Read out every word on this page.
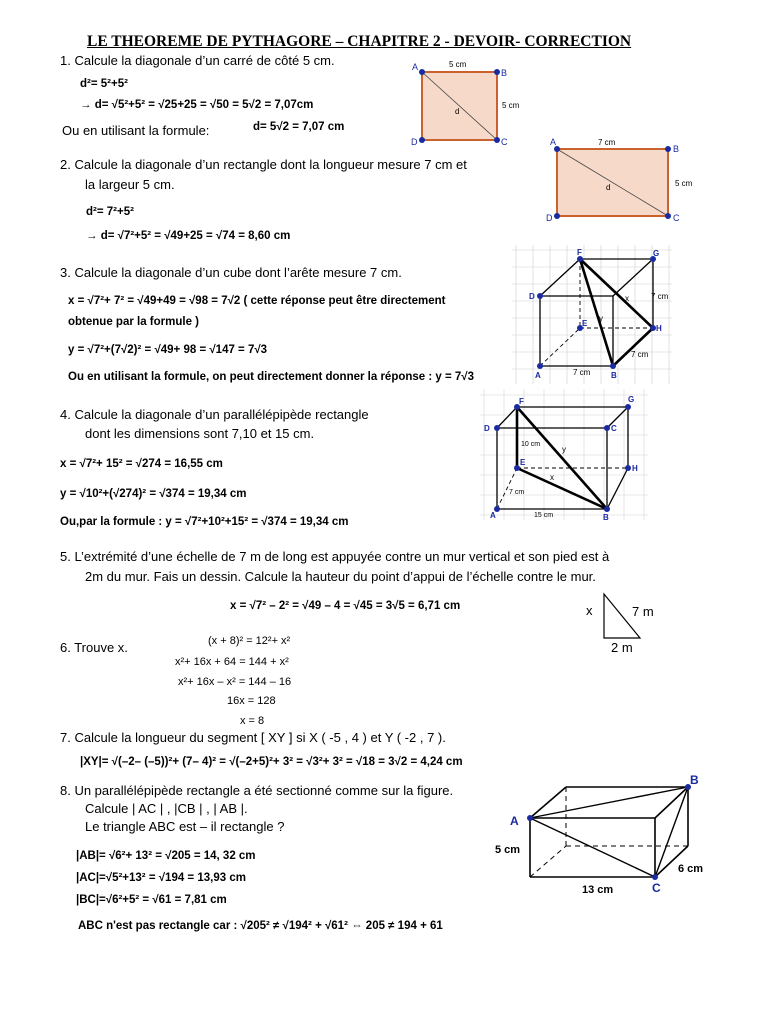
LE THEOREME DE PYTHAGORE – CHAPITRE 2 - DEVOIR- CORRECTION
1. Calcule la diagonale d’un carré de côté 5 cm.
d²= 5²+5²
→ d= √5²+5² = √25+25 = √50 = 5√2 = 7,07cm
Ou en utilisant la formule:	d= 5√2 = 7,07 cm
A
B
C
D
d
5 cm
5 cm
2. Calcule la diagonale d’un rectangle dont la longueur mesure 7 cm et
la largeur 5 cm.
d²= 7²+5²
→ d= √7²+5² = √49+25 = √74 = 8,60 cm
A
B
C
D
d
7 cm
5 cm
3. Calcule la diagonale d’un cube dont l’arête mesure 7 cm.
x = √7²+ 7² = √49+49 = √98 = 7√2 ( cette réponse peut être directement
obtenue par la formule )
y = √7²+(7√2)² = √49+ 98 = √147 = 7√3
Ou en utilisant la formule, on peut directement donner la réponse : y = 7√3
F	G
D
E
H
A	B
x
y
7 cm
7 cm
7 cm
4. Calcule la diagonale d’un parallélépipède rectangle
dont les dimensions sont 7,10 et 15 cm.
x = √7²+ 15² = √274 = 16,55 cm
y = √10²+(√274)² = √374 = 19,34 cm
Ou,par la formule : y = √7²+10²+15² = √374 = 19,34 cm
F	G
D	C
E
H
A	B
x
y
10 cm
7 cm
15 cm
5. L’extrémité d’une échelle de 7 m de long est appuyée contre un mur vertical et son pied est à
2m du mur. Fais un dessin. Calcule la hauteur du point d’appui de l’échelle contre le mur.
x = √7² – 2² = √49 – 4 = √45 = 3√5 = 6,71 cm	x	7 m
2 m
6. Trouve x.	(x + 8)² = 12²+ x²
x²+ 16x + 64 = 144 + x²
x²+ 16x – x² = 144 – 16
16x = 128
x = 8
7. Calcule la longueur du segment [ XY ] si X ( -5 , 4 ) et Y ( -2 , 7 ).
|XY|= √(–2– (–5))²+ (7– 4)² = √(–2+5)²+ 3² = √3²+ 3² = √18 = 3√2 = 4,24 cm
8. Un parallélépipède rectangle a été sectionné comme sur la figure.
Calcule | AC | , |CB | , | AB |.
Le triangle ABC est – il rectangle ?
|AB|= √6²+ 13² = √205 = 14, 32 cm
|AC|=√5²+13² = √194 = 13,93 cm
|BC|=√6²+5² = √61 = 7,81 cm
ABC n'est pas rectangle car : √205² ≠ √194² + √61² ⇔ 205 ≠ 194 + 61
A
B
C
5 cm
13 cm
6 cm
